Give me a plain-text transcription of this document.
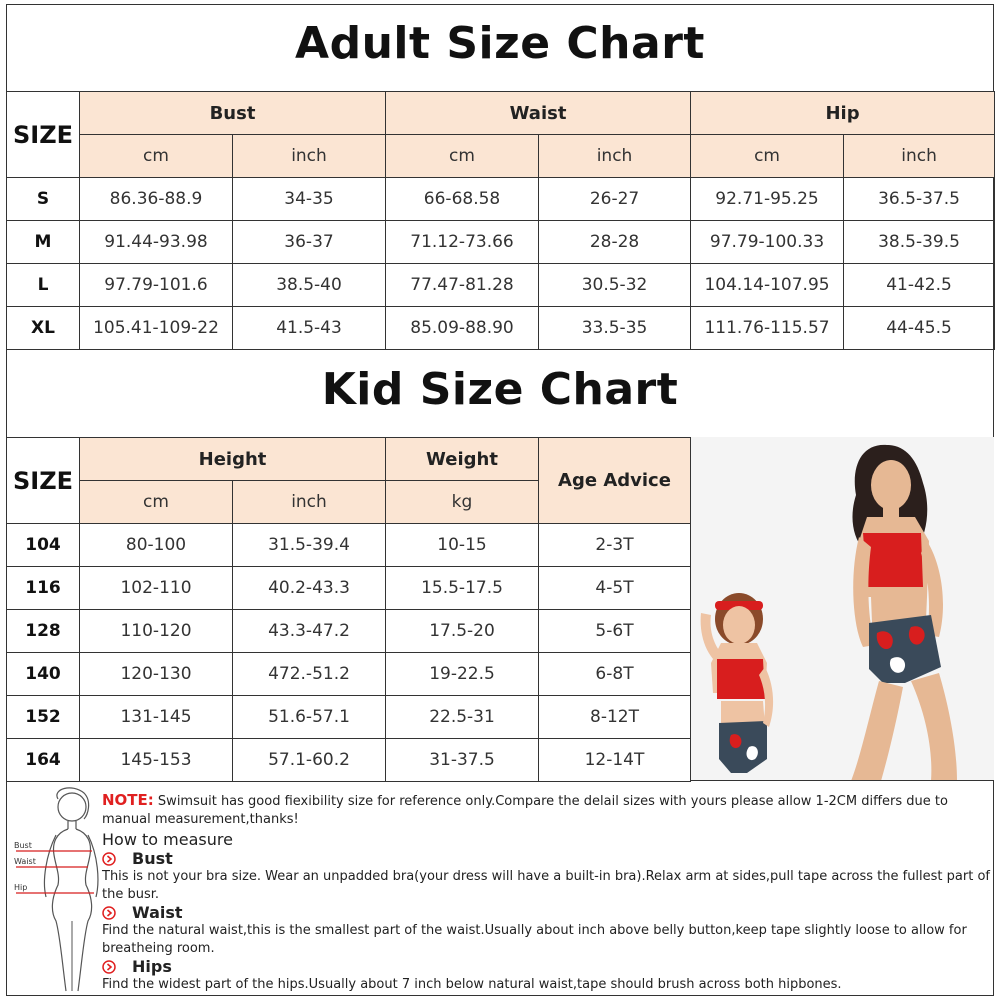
Adult Size Chart
SIZE	Bust		Waist		Hip	
	cm	inch	cm	inch	cm	inch
S	86.36-88.9	34-35	66-68.58	26-27	92.71-95.25	36.5-37.5
M	91.44-93.98	36-37	71.12-73.66	28-28	97.79-100.33	38.5-39.5
L	97.79-101.6	38.5-40	77.47-81.28	30.5-32	104.14-107.95	41-42.5
XL	105.41-109-22	41.5-43	85.09-88.90	33.5-35	111.76-115.57	44-45.5
Kid Size Chart
SIZE	Height		Weight	Age Advice
	cm	inch	kg	
104	80-100	31.5-39.4	10-15	2-3T
116	102-110	40.2-43.3	15.5-17.5	4-5T
128	110-120	43.3-47.2	17.5-20	5-6T
140	120-130	472.-51.2	19-22.5	6-8T
152	131-145	51.6-57.1	22.5-31	8-12T
164	145-153	57.1-60.2	31-37.5	12-14T
Bust
Waist
Hip
NOTE: Swimsuit has good fiexibility size for reference only.Compare the delail sizes with yours please allow 1-2CM differs due to manual measurement,thanks!
How to measure
Bust
This is not your bra size. Wear an unpadded bra(your dress will have a built-in bra).Relax arm at sides,pull tape across the fullest part of the busr.
Waist
Find the natural waist,this is the smallest part of the waist.Usually about inch above belly button,keep tape slightly loose to allow for breatheing room.
Hips
Find the widest part of the hips.Usually about 7 inch below natural waist,tape should brush across both hipbones.
